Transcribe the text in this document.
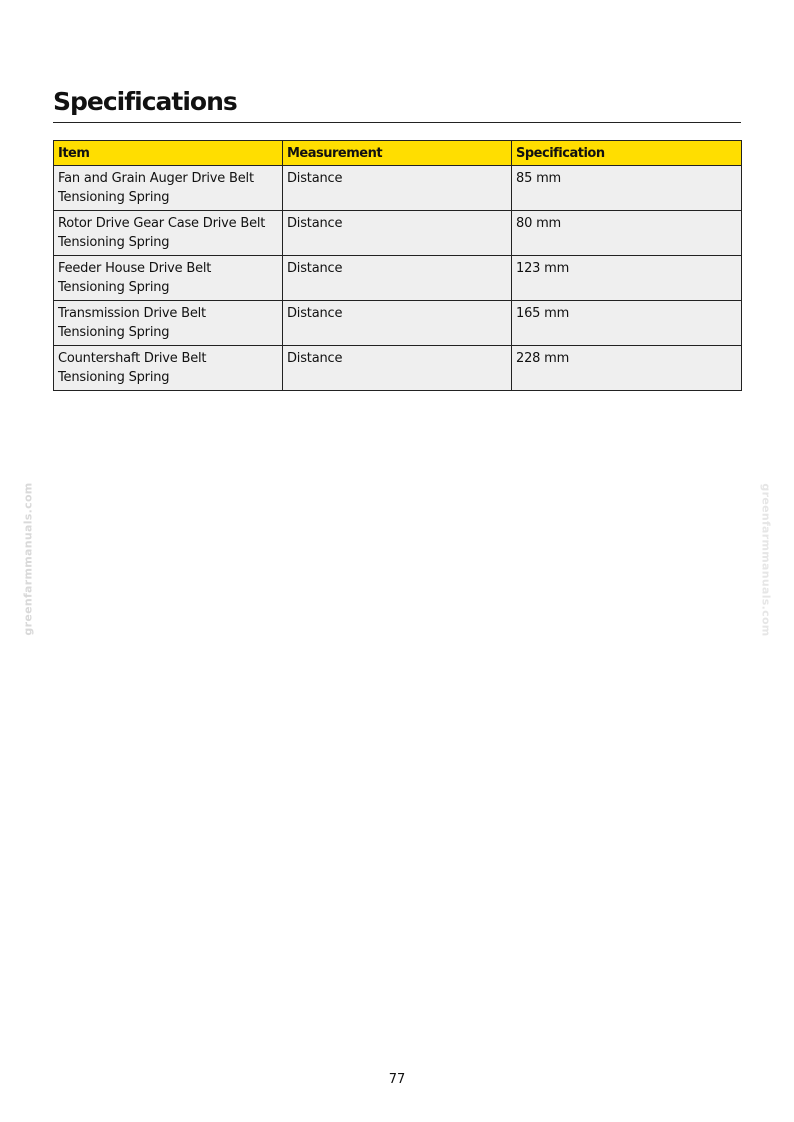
Specifications
Item	Measurement	Specification
Fan and Grain Auger Drive Belt
Tensioning Spring	Distance	85 mm
Rotor Drive Gear Case Drive Belt
Tensioning Spring	Distance	80 mm
Feeder House Drive Belt
Tensioning Spring	Distance	123 mm
Transmission Drive Belt
Tensioning Spring	Distance	165 mm
Countershaft Drive Belt
Tensioning Spring	Distance	228 mm
greenfarmmanuals.com	greenfarmmanuals.com
77
